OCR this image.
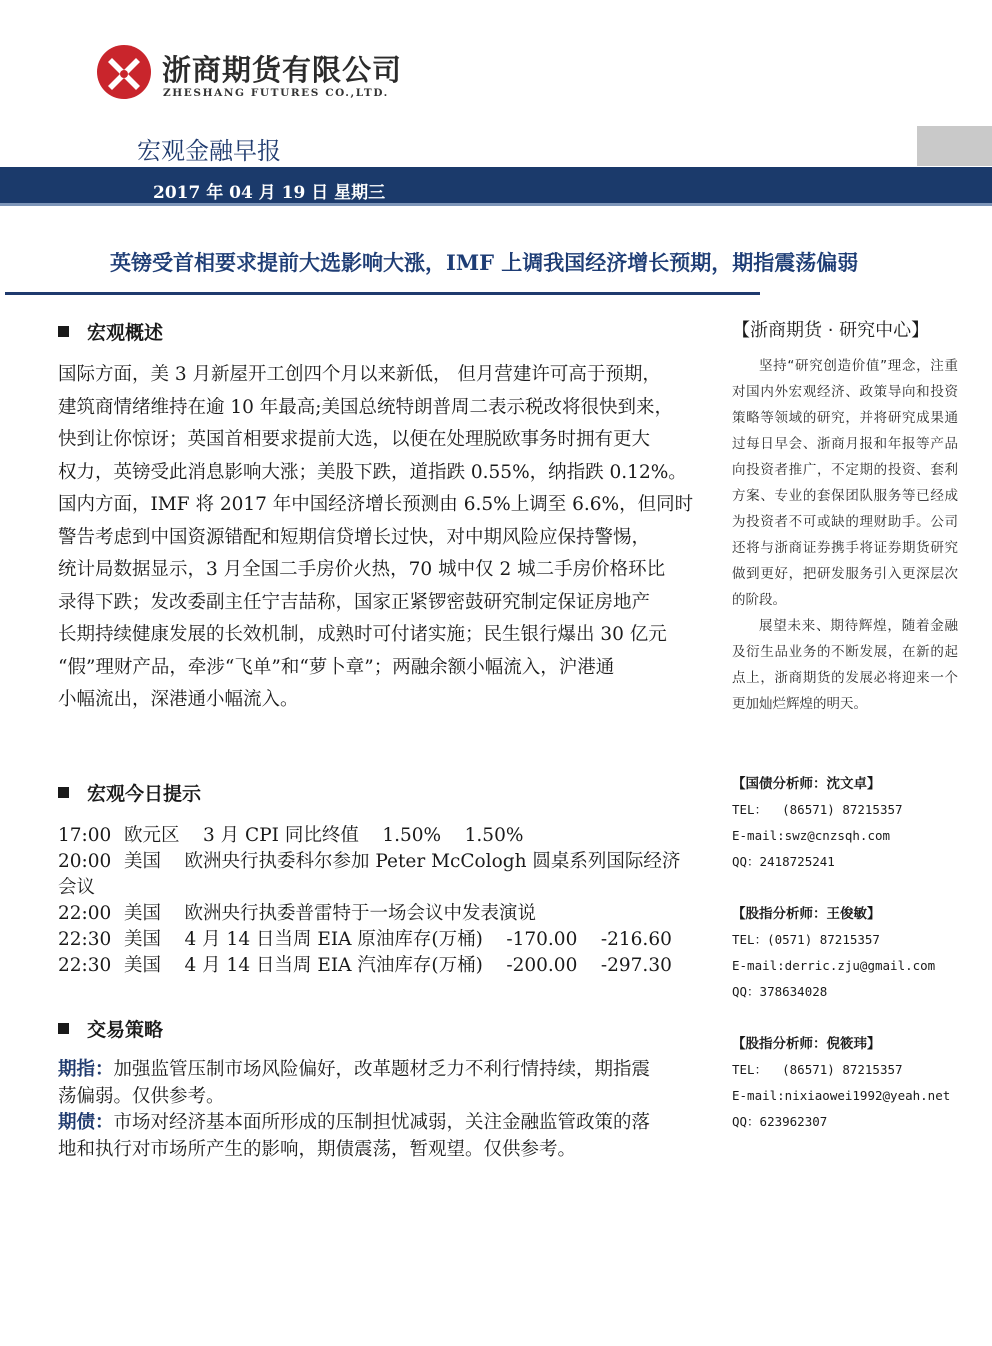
浙商期货有限公司
ZHESHANG FUTURES CO.,LTD.
宏观金融早报
2017 年 04 月 19 日 星期三
英镑受首相要求提前大选影响大涨，IMF 上调我国经济增长预期，期指震荡偏弱
宏观概述

国际方面，美 3 月新屋开工创四个月以来新低， 但月营建许可高于预期，

建筑商情绪维持在逾 10 年最高;美国总统特朗普周二表示税改将很快到来，

快到让你惊讶；英国首相要求提前大选，以便在处理脱欧事务时拥有更大

权力，英镑受此消息影响大涨；美股下跌，道指跌 0.55%，纳指跌 0.12%。

国内方面，IMF 将 2017 年中国经济增长预测由 6.5%上调至 6.6%，但同时

警告考虑到中国资源错配和短期信贷增长过快，对中期风险应保持警惕，

统计局数据显示，3 月全国二手房价火热，70 城中仅 2 城二手房价格环比

录得下跌；发改委副主任宁吉喆称，国家正紧锣密鼓研究制定保证房地产

长期持续健康发展的长效机制，成熟时可付诸实施；民生银行爆出 30 亿元

“假”理财产品，牵涉“飞单”和“萝卜章”；两融余额小幅流入，沪港通

小幅流出，深港通小幅流入。

宏观今日提示
17:00 欧元区    3 月 CPI 同比终值    1.50%    1.50%
20:00 美国    欧洲央行执委科尔参加 Peter McCologh 圆桌系列国际经济
会议
22:00 美国    欧洲央行执委普雷特于一场会议中发表演说
22:30 美国    4 月 14 日当周 EIA 原油库存(万桶)    -170.00    -216.60
22:30 美国    4 月 14 日当周 EIA 汽油库存(万桶)    -200.00    -297.30
交易策略

期指：加强监管压制市场风险偏好，改革题材乏力不利行情持续，期指震

荡偏弱。仅供参考。

期债：市场对经济基本面所形成的压制担忧减弱，关注金融监管政策的落

地和执行对市场所产生的影响，期债震荡，暂观望。仅供参考。

【浙商期货 · 研究中心】

坚持“研究创造价值”理念，注重对国内外宏观经济、政策导向和投资策略等领域的研究，并将研究成果通过每日早会、浙商月报和年报等产品向投资者推广，不定期的投资、套利方案、专业的套保团队服务等已经成为投资者不可或缺的理财助手。公司还将与浙商证券携手将证券期货研究做到更好，把研发服务引入更深层次的阶段。

展望未来、期待辉煌，随着金融及衍生品业务的不断发展，在新的起点上，浙商期货的发展必将迎来一个更加灿烂辉煌的明天。

【国债分析师：沈文卓】
TEL：  (86571) 87215357
E-mail:swz@cnzsqh.com
QQ：2418725241
【股指分析师：王俊敏】
TEL：(0571) 87215357
E-mail:derric.zju@gmail.com
QQ：378634028
【股指分析师：倪筱玮】
TEL：  (86571) 87215357
E-mail:nixiaowei1992@yeah.net
QQ：623962307
